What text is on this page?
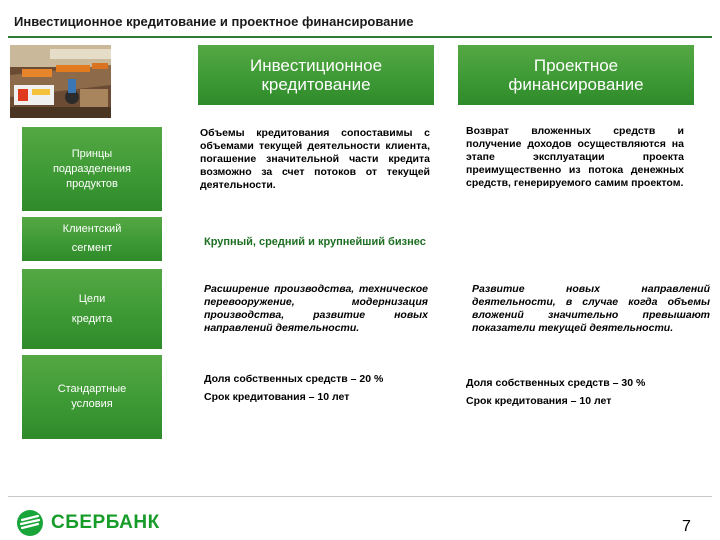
Инвестиционное кредитование и проектное финансирование
Инвестиционное
кредитование
Проектное
финансирование
Принцы
подразделения
продуктов
Клиентский
сегмент
Цели
кредита
Стандартные
условия
Объемы кредитования сопоставимы с объемами текущей деятельности клиента, погашение значительной части кредита возможно за счет потоков от текущей деятельности.
Возврат вложенных средств и получение доходов осуществляются на этапе эксплуатации проекта преимущественно из потока денежных средств, генерируемого самим проектом.
Крупный, средний и крупнейший бизнес
Расширение производства, техническое перевооружение, модернизация производства, развитие новых направлений деятельности.
Развитие новых направлений деятельности, в случае когда объемы вложений значительно превышают показатели текущей деятельности.
Доля собственных средств – 20 %
Срок кредитования – 10 лет
Доля собственных средств – 30 %
Срок кредитования – 10 лет
СБЕРБАНК	7
